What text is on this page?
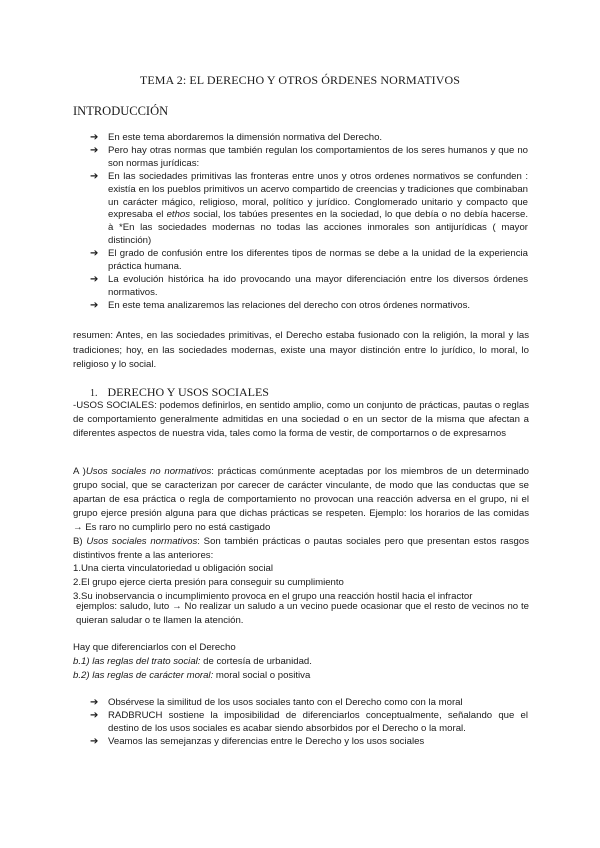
TEMA 2: EL DERECHO Y OTROS ÓRDENES NORMATIVOS
INTRODUCCIÓN
➔ En este tema abordaremos la dimensión normativa del Derecho.
➔ Pero hay otras normas que también regulan los comportamientos de los seres humanos y que no son normas jurídicas:
➔ En las sociedades primitivas las fronteras entre unos y otros ordenes normativos se confunden : existía en los pueblos primitivos un acervo compartido de creencias y tradiciones que combinaban un carácter mágico, religioso, moral, político y jurídico. Conglomerado unitario y compacto que expresaba el ethos social, los tabúes presentes en la sociedad, lo que debía o no debía hacerse. à *En las sociedades modernas no todas las acciones inmorales son antijurídicas ( mayor distinción)
➔ El grado de confusión entre los diferentes tipos de normas se debe a la unidad de la experiencia práctica humana.
➔ La evolución histórica ha ido provocando una mayor diferenciación entre los diversos órdenes normativos.
➔ En este tema analizaremos las relaciones del derecho con otros órdenes normativos.
resumen: Antes, en las sociedades primitivas, el Derecho estaba fusionado con la religión, la moral y las tradiciones; hoy, en las sociedades modernas, existe una mayor distinción entre lo jurídico, lo moral, lo religioso y lo social.
1. DERECHO Y USOS SOCIALES
-USOS SOCIALES: podemos definirlos, en sentido amplio, como un conjunto de prácticas, pautas o reglas de comportamiento generalmente admitidas en una sociedad o en un sector de la misma que afectan a diferentes aspectos de nuestra vida, tales como la forma de vestir, de comportarnos o de expresarnos
A )Usos sociales no normativos: prácticas comúnmente aceptadas por los miembros de un determinado grupo social, que se caracterizan por carecer de carácter vinculante, de modo que las conductas que se apartan de esa práctica o regla de comportamiento no provocan una reacción adversa en el grupo, ni el grupo ejerce presión alguna para que dichas prácticas se respeten. Ejemplo: los horarios de las comidas → Es raro no cumplirlo pero no está castigado
B) Usos sociales normativos: Son también prácticas o pautas sociales pero que presentan estos rasgos distintivos frente a las anteriores:
1.Una cierta vinculatoriedad u obligación social
2.El grupo ejerce cierta presión para conseguir su cumplimiento
3.Su inobservancia o incumplimiento provoca en el grupo una reacción hostil hacia el infractor
ejemplos: saludo, luto → No realizar un saludo a un vecino puede ocasionar que el resto de vecinos no te quieran saludar o te llamen la atención.
Hay que diferenciarlos con el Derecho
b.1) las reglas del trato social: de cortesía de urbanidad.
b.2) las reglas de carácter moral: moral social o positiva
➔ Obsérvese la similitud de los usos sociales tanto con el Derecho como con la moral
➔ RADBRUCH sostiene la imposibilidad de diferenciarlos conceptualmente, señalando que el destino de los usos sociales es acabar siendo absorbidos por el Derecho o la moral.
➔ Veamos las semejanzas y diferencias entre le Derecho y los usos sociales
